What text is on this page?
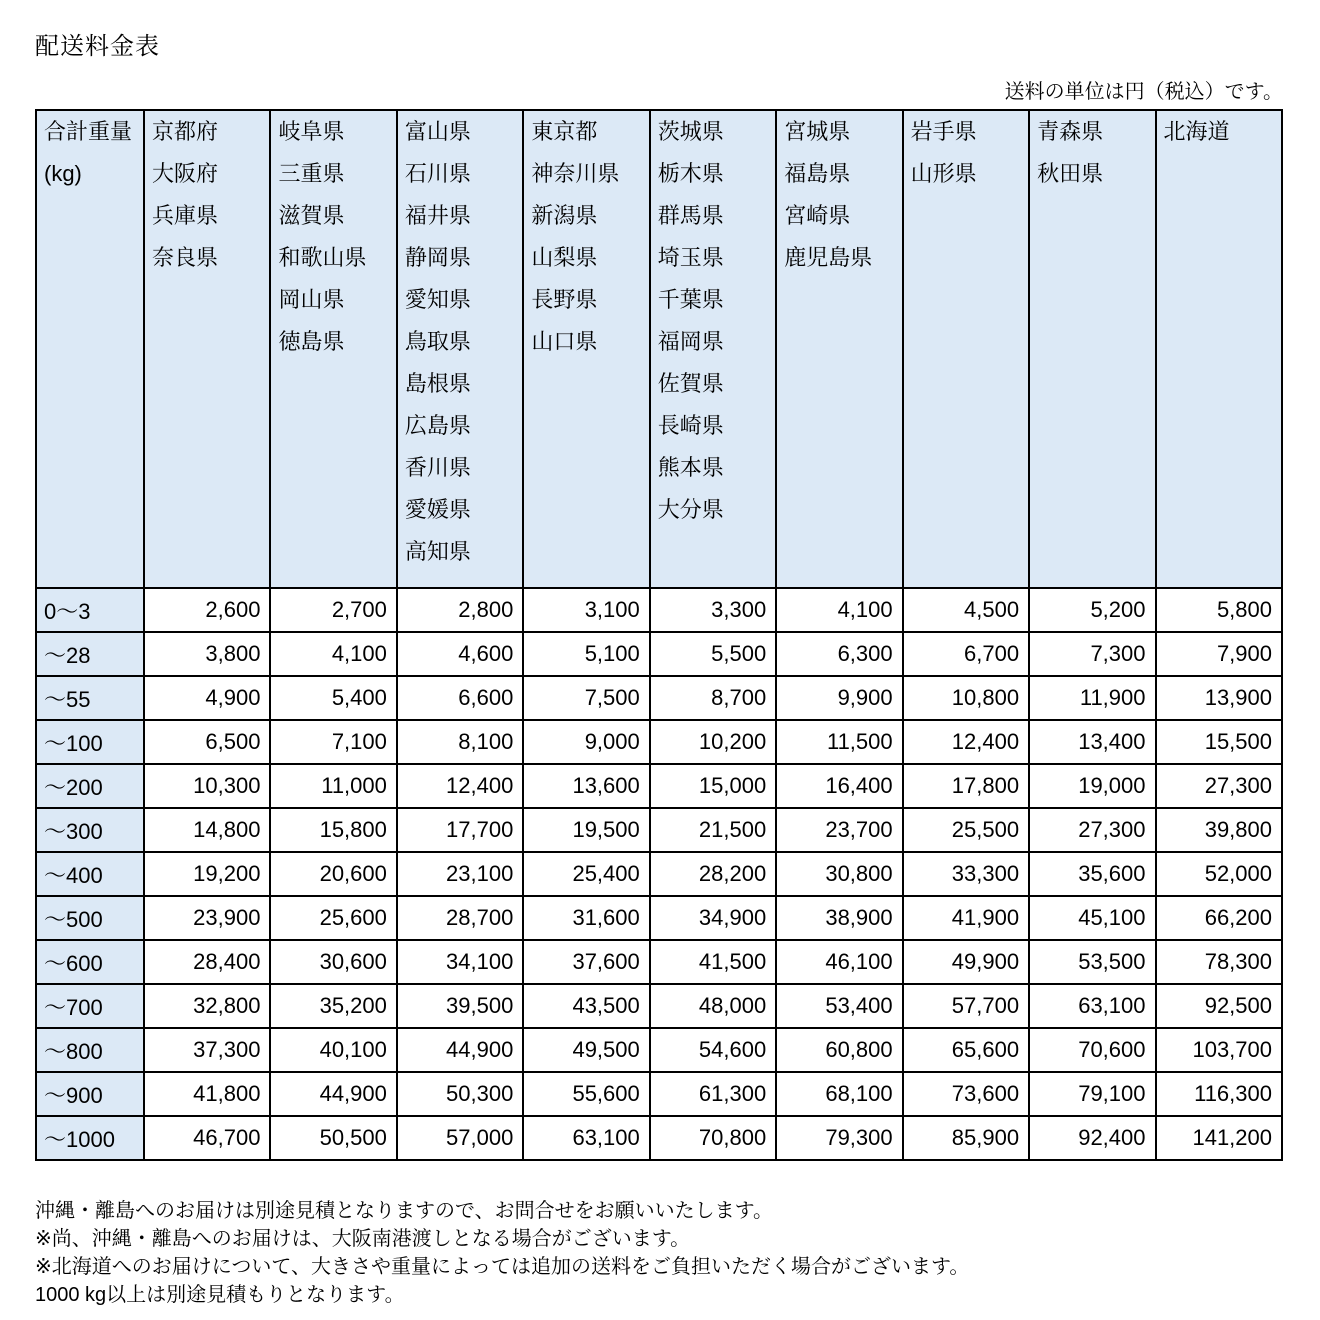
配送料金表
送料の単位は円（税込）です。
合計重量
(kg)

京都府
大阪府
兵庫県
奈良県

岐阜県
三重県
滋賀県
和歌山県
岡山県
徳島県

富山県
石川県
福井県
静岡県
愛知県
鳥取県
島根県
広島県
香川県
愛媛県
高知県

東京都
神奈川県
新潟県
山梨県
長野県
山口県

茨城県
栃木県
群馬県
埼玉県
千葉県
福岡県
佐賀県
長崎県
熊本県
大分県

宮城県
福島県
宮崎県
鹿児島県

岩手県
山形県

青森県
秋田県

北海道

0～3	2,600	2,700	2,800	3,100	3,300	4,100	4,500	5,200	5,800
～28	3,800	4,100	4,600	5,100	5,500	6,300	6,700	7,300	7,900
～55	4,900	5,400	6,600	7,500	8,700	9,900	10,800	11,900	13,900
～100	6,500	7,100	8,100	9,000	10,200	11,500	12,400	13,400	15,500
～200	10,300	11,000	12,400	13,600	15,000	16,400	17,800	19,000	27,300
～300	14,800	15,800	17,700	19,500	21,500	23,700	25,500	27,300	39,800
～400	19,200	20,600	23,100	25,400	28,200	30,800	33,300	35,600	52,000
～500	23,900	25,600	28,700	31,600	34,900	38,900	41,900	45,100	66,200
～600	28,400	30,600	34,100	37,600	41,500	46,100	49,900	53,500	78,300
～700	32,800	35,200	39,500	43,500	48,000	53,400	57,700	63,100	92,500
～800	37,300	40,100	44,900	49,500	54,600	60,800	65,600	70,600	103,700
～900	41,800	44,900	50,300	55,600	61,300	68,100	73,600	79,100	116,300
～1000	46,700	50,500	57,000	63,100	70,800	79,300	85,900	92,400	141,200
沖縄・離島へのお届けは別途見積となりますので、お問合せをお願いいたします。
※尚、沖縄・離島へのお届けは、大阪南港渡しとなる場合がございます。
※北海道へのお届けについて、大きさや重量によっては追加の送料をご負担いただく場合がございます。
1000 kg以上は別途見積もりとなります。
